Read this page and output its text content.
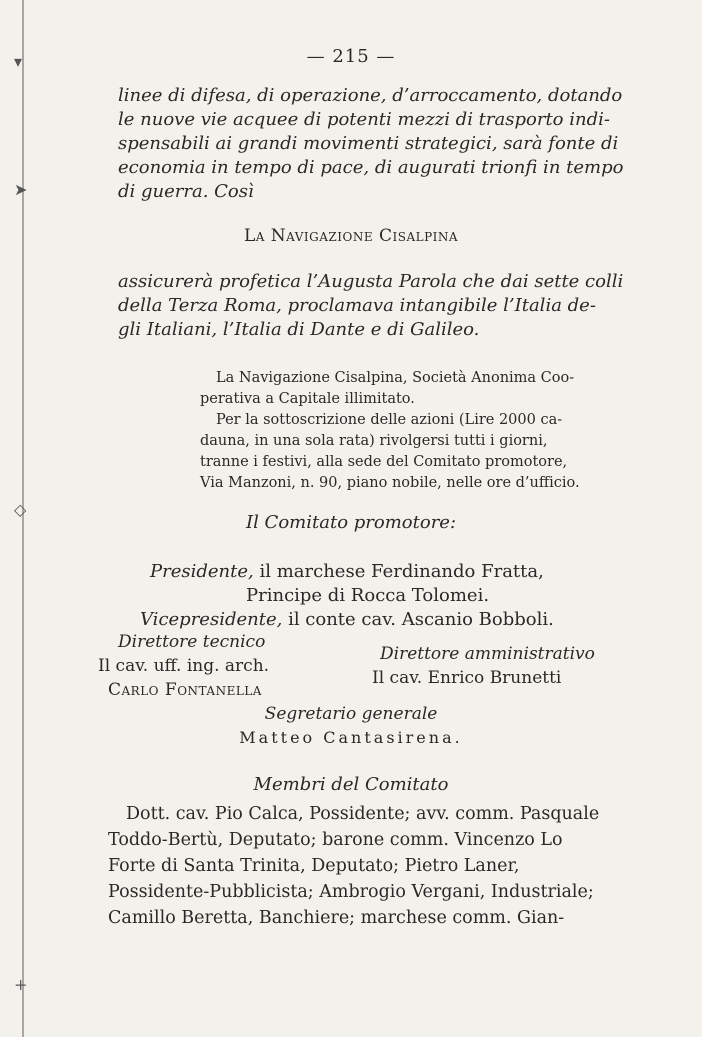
▾
➤
◇
+
— 215 —
linee di difesa, di operazione, d’arroccamento, dotando
le nuove vie acquee di potenti mezzi di trasporto indi-
spensabili ai grandi movimenti strategici, sarà fonte di
economia in tempo di pace, di augurati trionfi in tempo
di guerra. Così
La Navigazione Cisalpina
assicurerà profetica l’Augusta Parola che dai sette colli
della Terza Roma, proclamava intangibile l’Italia de-
gli Italiani, l’Italia di Dante e di Galileo.
La Navigazione Cisalpina, Società Anonima Coo-
perativa a Capitale illimitato.
Per la sottoscrizione delle azioni (Lire 2000 ca-
dauna, in una sola rata) rivolgersi tutti i giorni,
tranne i festivi, alla sede del Comitato promotore,
Via Manzoni, n. 90, piano nobile, nelle ore d’ufficio.
Il Comitato promotore:
Presidente, il marchese Ferdinando Fratta,
Principe di Rocca Tolomei.
Vicepresidente, il conte cav. Ascanio Bobboli.
Direttore tecnico
Il cav. uff. ing. arch.
Carlo Fontanella
Direttore amministrativo
Il cav. Enrico Brunetti
Segretario generale
Matteo Cantasirena.
Membri del Comitato
Dott. cav. Pio Calca, Possidente; avv. comm. Pasquale
Toddo-Bertù, Deputato; barone comm. Vincenzo Lo
Forte di Santa Trinita, Deputato; Pietro Laner,
Possidente-Pubblicista; Ambrogio Vergani, Industriale;
Camillo Beretta, Banchiere; marchese comm. Gian-
